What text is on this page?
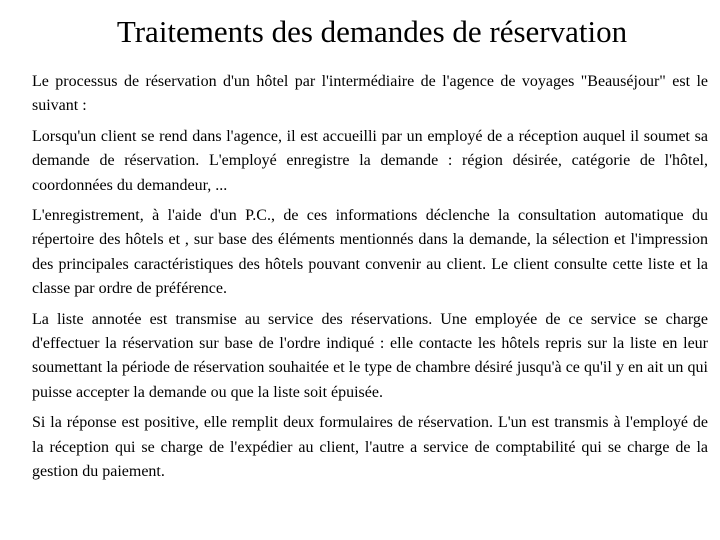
Traitements des demandes de réservation

Le processus de réservation d'un hôtel par l'intermédiaire de l'agence de voyages "Beauséjour" est le suivant :

Lorsqu'un client se rend dans l'agence, il est accueilli par un employé de a réception auquel il soumet sa demande de réservation. L'employé enregistre la demande : région désirée, catégorie de l'hôtel, coordonnées du demandeur, ...

L'enregistrement, à l'aide d'un P.C., de ces informations déclenche la consultation automatique du répertoire des hôtels et , sur base des éléments mentionnés dans la demande, la sélection et l'impression des principales caractéristiques des hôtels pouvant convenir au client. Le client consulte cette liste et la classe par ordre de préférence.

La liste annotée est transmise au service des réservations. Une employée de ce service se charge d'effectuer la réservation sur base de l'ordre indiqué : elle contacte les hôtels repris sur la liste en leur soumettant la période de réservation souhaitée et le type de chambre désiré jusqu'à ce qu'il y en ait un qui puisse accepter la demande ou que la liste soit épuisée.

Si la réponse est positive, elle remplit deux formulaires de réservation. L'un est transmis à l'employé de la réception qui se charge de l'expédier au client, l'autre a service de comptabilité qui se charge de la gestion du paiement.
